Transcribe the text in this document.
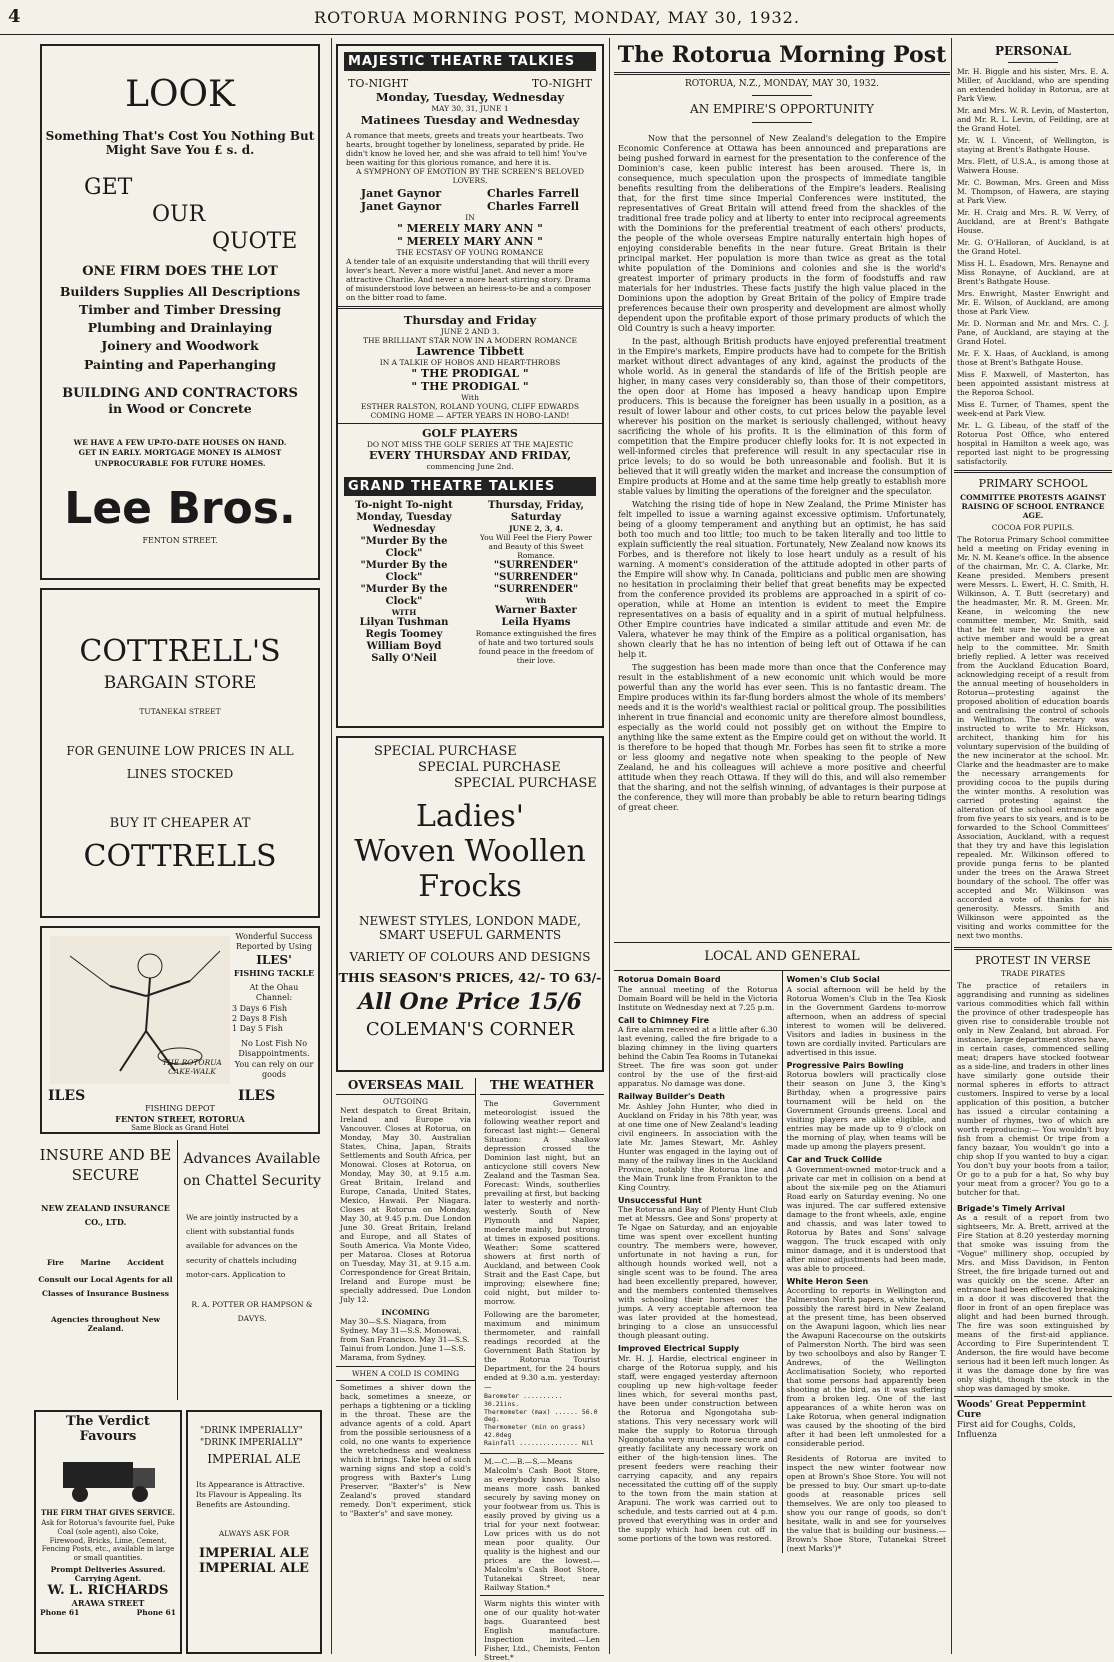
4	ROTORUA MORNING POST, MONDAY, MAY 30, 1932.
LOOK
Something That's Cost You Nothing But
Might Save You £ s. d.
GET
OUR
QUOTE
ONE FIRM DOES THE LOT
Builders Supplies All Descriptions
Timber and Timber Dressing
Plumbing and Drainlaying
Joinery and Woodwork
Painting and Paperhanging
BUILDING AND CONTRACTORS
in Wood or Concrete
WE HAVE A FEW UP-TO-DATE HOUSES ON HAND. GET IN EARLY. MORTGAGE MONEY IS ALMOST UNPROCURABLE FOR FUTURE HOMES.
Lee Bros.
FENTON STREET.
COTTRELL'S
BARGAIN STORE
TUTANEKAI STREET
FOR GENUINE LOW PRICES IN ALL LINES STOCKED
BUY IT CHEAPER AT
COTTRELLS
THE ROTORUA CAKE-WALK
Wonderful Success Reported by Using
ILES'
FISHING TACKLE
At the Ohau Channel:
3 Days 6 Fish
2 Days 8 Fish
1 Day 5 Fish
No Lost Fish No Disappointments. You can rely on our goods
ILES	ILES
FISHING DEPOT
FENTON STREET, ROTORUA
Same Block as Grand Hotel
INSURE AND BE SECURE
NEW ZEALAND INSURANCE CO., LTD.
Fire Marine Accident
Consult our Local Agents for all Classes of Insurance Business
Agencies throughout New Zealand.
Advances Available on Chattel Security
We are jointly instructed by a client with substantial funds available for advances on the security of chattels including motor-cars. Application to
R. A. POTTER OR HAMPSON & DAVYS.
The Verdict Favours
THE FIRM THAT GIVES SERVICE.
Ask for Rotorua's favourite fuel, Puke Coal (sole agent), also Coke, Firewood, Bricks, Lime, Cement, Fencing Posts, etc., available in large or small quantities.
Prompt Deliveries Assured.
Carrying Agent.
W. L. RICHARDS
ARAWA STREET
Phone 61	Phone 61
"DRINK IMPERIALLY"
"DRINK IMPERIALLY"
IMPERIAL ALE
Its Appearance is Attractive. Its Flavour is Appealing. Its Benefits are Astounding.
ALWAYS ASK FOR
IMPERIAL ALE
IMPERIAL ALE
MAJESTIC THEATRE TALKIES
TO-NIGHT	TO-NIGHT
Monday, Tuesday, Wednesday
MAY 30, 31, JUNE 1
Matinees Tuesday and Wednesday
A romance that meets, greets and treats your heartbeats. Two hearts, brought together by loneliness, separated by pride. He didn't know he loved her, and she was afraid to tell him! You've been waiting for this glorious romance, and here it is.
A SYMPHONY OF EMOTION BY THE SCREEN'S BELOVED LOVERS.
Janet Gaynor	Charles Farrell
Janet Gaynor	Charles Farrell
IN
" MERELY MARY ANN "
" MERELY MARY ANN "
THE ECSTASY OF YOUNG ROMANCE
A tender tale of an exquisite understanding that will thrill every lover's heart. Never a more wistful Janet. And never a more attractive Charlie. And never a more heart stirring story. Drama of misunderstood love between an heiress-to-be and a composer on the bitter road to fame.
Thursday and Friday
JUNE 2 AND 3.
THE BRILLIANT STAR NOW IN A MODERN ROMANCE
Lawrence Tibbett
IN A TALKIE OF HOBOS AND HEART-THROBS
" THE PRODIGAL "
" THE PRODIGAL "
With
ESTHER RALSTON, ROLAND YOUNG, CLIFF EDWARDS
COMING HOME — AFTER YEARS IN HOBO-LAND!
GOLF PLAYERS
DO NOT MISS THE GOLF SERIES AT THE MAJESTIC
EVERY THURSDAY AND FRIDAY,
commencing June 2nd.
GRAND THEATRE TALKIES
To-night To-night
Monday, Tuesday Wednesday
"Murder By the Clock"
"Murder By the Clock"
"Murder By the Clock"
WITH
Lilyan Tushman
Regis Toomey
William Boyd
Sally O'Neil
Thursday, Friday, Saturday
JUNE 2, 3, 4.
You Will Feel the Fiery Power and Beauty of this Sweet Romance.
"SURRENDER"
"SURRENDER"
"SURRENDER"
With
Warner Baxter
Leila Hyams
Romance extinguished the fires of hate and two tortured souls found peace in the freedom of their love.
SPECIAL PURCHASE
SPECIAL PURCHASE
SPECIAL PURCHASE
Ladies'
Woven Woollen
Frocks
NEWEST STYLES, LONDON MADE, SMART USEFUL GARMENTS
VARIETY OF COLOURS AND DESIGNS
THIS SEASON'S PRICES, 42/- TO 63/-
All One Price 15/6
COLEMAN'S CORNER
OVERSEAS MAIL
OUTGOING
Next despatch to Great Britain, Ireland and Europe via Vancouver. Closes at Rotorua, on Monday, May 30. Australian States, China, Japan, Straits Settlements and South Africa, per Monowai. Closes at Rotorua, on Monday, May 30, at 9.15 a.m. Great Britain, Ireland and Europe, Canada, United States, Mexico, Hawaii. Per Niagara. Closes at Rotorua on Monday, May 30, at 9.45 p.m. Due London June 30. Great Britain, Ireland and Europe, and all States of South America. Via Monte Video, per Mataroa. Closes at Rotorua on Tuesday, May 31, at 9.15 a.m. Correspondence for Great Britain, Ireland and Europe must be specially addressed. Due London July 12.
INCOMING
May 30—S.S. Niagara, from Sydney. May 31—S.S. Monowai, from San Francisco. May 31—S.S. Tainui from London. June 1—S.S. Marama, from Sydney.
WHEN A COLD IS COMING
Sometimes a shiver down the back, sometimes a sneeze, or perhaps a tightening or a tickling in the throat. These are the advance agents of a cold. Apart from the possible seriousness of a cold, no one wants to experience the wretchedness and weakness which it brings. Take heed of such warning signs and stop a cold's progress with Baxter's Lung Preserver. "Baxter's" is New Zealand's proved standard remedy. Don't experiment, stick to "Baxter's" and save money.
THE WEATHER
The Government meteorologist issued the following weather report and forecast last night:— General Situation: A shallow depression crossed the Dominion last night, but an anticyclone still covers New Zealand and the Tasman Sea. Forecast: Winds, southerlies prevailing at first, but backing later to westerly and north-westerly. South of New Plymouth and Napier, moderate mainly, but strong at times in exposed positions. Weather: Some scattered showers at first north of Auckland, and between Cook Strait and the East Cape, but improving; elsewhere fine; cold night, but milder to-morrow.
Following are the barometer, maximum and minimum thermometer, and rainfall readings recorded at the Government Bath Station by the Rotorua Tourist Department, for the 24 hours ended at 9.30 a.m. yesterday:—
Barometer .......... 30.21ins.
Thermometer (max) ...... 56.0 deg.
Thermometer (min on grass) 42.0deg
Rainfall ............... Nil
M.—C.—B.—S.—Means Malcolm's Cash Boot Store, as everybody knows. It also means more cash banked securely by saving money on your footwear from us. This is easily proved by giving us a trial for your next footwear. Low prices with us do not mean poor quality. Our quality is the highest and our prices are the lowest.—Malcolm's Cash Boot Store, Tutanekai Street, near Railway Station.*
Warm nights this winter with one of our quality hot-water bags. Guaranteed best English manufacture. Inspection invited.—Len Fisher, Ltd., Chemists, Fenton Street.*
The Rotorua Morning Post
ROTORUA, N.Z., MONDAY, MAY 30, 1932.
AN EMPIRE'S OPPORTUNITY

Now that the personnel of New Zealand's delegation to the Empire Economic Conference at Ottawa has been announced and preparations are being pushed forward in earnest for the presentation to the conference of the Dominion's case, keen public interest has been aroused. There is, in consequence, much speculation upon the prospects of immediate tangible benefits resulting from the deliberations of the Empire's leaders. Realising that, for the first time since Imperial Conferences were instituted, the representatives of Great Britain will attend freed from the shackles of the traditional free trade policy and at liberty to enter into reciprocal agreements with the Dominions for the preferential treatment of each others' products, the people of the whole overseas Empire naturally entertain high hopes of enjoying considerable benefits in the near future. Great Britain is their principal market. Her population is more than twice as great as the total white population of the Dominions and colonies and she is the world's greatest importer of primary products in the form of foodstuffs and raw materials for her industries. These facts justify the high value placed in the Dominions upon the adoption by Great Britain of the policy of Empire trade preferences because their own prosperity and development are almost wholly dependent upon the profitable export of those primary products of which the Old Country is such a heavy importer.

In the past, although British products have enjoyed preferential treatment in the Empire's markets, Empire products have had to compete for the British market without direct advantages of any kind, against the products of the whole world. As in general the standards of life of the British people are higher, in many cases very considerably so, than those of their competitors, the open door at Home has imposed a heavy handicap upon Empire producers. This is because the foreigner has been usually in a position, as a result of lower labour and other costs, to cut prices below the payable level wherever his position on the market is seriously challenged, without heavy sacrificing the whole of his profits. It is the elimination of this form of competition that the Empire producer chiefly looks for. It is not expected in well-informed circles that preference will result in any spectacular rise in price levels; to do so would be both unreasonable and foolish. But it is believed that it will greatly widen the market and increase the consumption of Empire products at Home and at the same time help greatly to establish more stable values by limiting the operations of the foreigner and the speculator.

Watching the rising tide of hope in New Zealand, the Prime Minister has felt impelled to issue a warning against excessive optimism. Unfortunately, being of a gloomy temperament and anything but an optimist, he has said both too much and too little; too much to be taken literally and too little to explain sufficiently the real situation. Fortunately, New Zealand now knows its Forbes, and is therefore not likely to lose heart unduly as a result of his warning. A moment's consideration of the attitude adopted in other parts of the Empire will show why. In Canada, politicians and public men are showing no hesitation in proclaiming their belief that great benefits may be expected from the conference provided its problems are approached in a spirit of co-operation, while at Home an intention is evident to meet the Empire representatives on a basis of equality and in a spirit of mutual helpfulness. Other Empire countries have indicated a similar attitude and even Mr. de Valera, whatever he may think of the Empire as a political organisation, has shown clearly that he has no intention of being left out of Ottawa if he can help it.

The suggestion has been made more than once that the Conference may result in the establishment of a new economic unit which would be more powerful than any the world has ever seen. This is no fantastic dream. The Empire produces within its far-flung borders almost the whole of its members' needs and it is the world's wealthiest racial or political group. The possibilities inherent in true financial and economic unity are therefore almost boundless, especially as the world could not possibly get on without the Empire to anything like the same extent as the Empire could get on without the world. It is therefore to be hoped that though Mr. Forbes has seen fit to strike a more or less gloomy and negative note when speaking to the people of New Zealand, he and his colleagues will achieve a more positive and cheerful attitude when they reach Ottawa. If they will do this, and will also remember that the sharing, and not the selfish winning, of advantages is their purpose at the conference, they will more than probably be able to return bearing tidings of great cheer.

LOCAL AND GENERAL
Rotorua Domain Board
The annual meeting of the Rotorua Domain Board will be held in the Victoria Institute on Wednesday next at 7.25 p.m.
Call to Chimney Fire
A fire alarm received at a little after 6.30 last evening, called the fire brigade to a blazing chimney in the living quarters behind the Cabin Tea Rooms in Tutanekai Street. The fire was soon got under control by the use of the first-aid apparatus. No damage was done.
Railway Builder's Death
Mr. Ashley John Hunter, who died in Auckland on Friday in his 78th year, was at one time one of New Zealand's leading civil engineers. In association with the late Mr. James Stewart, Mr. Ashley Hunter was engaged in the laying out of many of the railway lines in the Auckland Province, notably the Rotorua line and the Main Trunk line from Frankton to the King Country.
Unsuccessful Hunt
The Rotorua and Bay of Plenty Hunt Club met at Messrs. Gee and Sons' property at Te Ngae on Saturday, and an enjoyable time was spent over excellent hunting country. The members were, however, unfortunate in not having a run, for although hounds worked well, not a single scent was to be found. The area had been excellently prepared, however, and the members contented themselves with schooling their horses over the jumps. A very acceptable afternoon tea was later provided at the homestead, bringing to a close an unsuccessful though pleasant outing.
Improved Electrical Supply
Mr. H. J. Hardie, electrical engineer in charge of the Rotorua supply, and his staff, were engaged yesterday afternoon coupling up new high-voltage feeder lines which, for several months past, have been under construction between the Rotorua and Ngongotaha sub-stations. This very necessary work will make the supply to Rotorua through Ngongotaha very much more secure and greatly facilitate any necessary work on either of the high-tension lines. The present feeders were reaching their carrying capacity, and any repairs necessitated the cutting off of the supply to the town from the main station at Arapuni. The work was carried out to schedule, and tests carried out at 4 p.m. proved that everything was in order and the supply which had been cut off in some portions of the town was restored.
Women's Club Social
A social afternoon will be held by the Rotorua Women's Club in the Tea Kiosk in the Government Gardens to-morrow afternoon, when an address of special interest to women will be delivered. Visitors and ladies in business in the town are cordially invited. Particulars are advertised in this issue.
Progressive Pairs Bowling
Rotorua bowlers will practically close their season on June 3, the King's Birthday, when a progressive pairs tournament will be held on the Government Grounds greens. Local and visiting players are alike eligible, and entries may be made up to 9 o'clock on the morning of play, when teams will be made up among the players present.
Car and Truck Collide
A Government-owned motor-truck and a private car met in collision on a bend at about the six-mile peg on the Atiamuri Road early on Saturday evening. No one was injured. The car suffered extensive damage to the front wheels, axle, engine and chassis, and was later towed to Rotorua by Bates and Sons' salvage waggon. The truck escaped with only minor damage, and it is understood that after minor adjustments had been made, was able to proceed.
White Heron Seen
According to reports in Wellington and Palmerston North papers, a white heron, possibly the rarest bird in New Zealand at the present time, has been observed on the Awapuni lagoon, which lies near the Awapuni Racecourse on the outskirts of Palmerston North. The bird was seen by two schoolboys and also by Ranger T. Andrews, of the Wellington Acclimatisation Society, who reported that some persons had apparently been shooting at the bird, as it was suffering from a broken leg. One of the last appearances of a white heron was on Lake Rotorua, when general indignation was caused by the shooting of the bird after it had been left unmolested for a considerable period.
Residents of Rotorua are invited to inspect the new winter footwear now open at Brown's Shoe Store. You will not be pressed to buy. Our smart up-to-date goods at reasonable prices sell themselves. We are only too pleased to show you our range of goods, so don't hesitate, walk in and see for yourselves the value that is building our business.—Brown's Shoe Store, Tutanekai Street (next Marks')*
PERSONAL

Mr. H. Biggle and his sister, Mrs. E. A. Miller, of Auckland, who are spending an extended holiday in Rotorua, are at Park View.

Mr. and Mrs. W. R. Levin, of Masterton, and Mr. R. L. Levin, of Feilding, are at the Grand Hotel.

Mr. W. I. Vincent, of Wellington, is staying at Brent's Bathgate House.

Mrs. Flett, of U.S.A., is among those at Waiwera House.

Mr. C. Bowman, Mrs. Green and Miss M. Thompson, of Hawera, are staying at Park View.

Mr. H. Craig and Mrs. R. W. Verry, of Auckland, are at Brent's Bathgate House.

Mr. G. O'Halloran, of Auckland, is at the Grand Hotel.

Miss H. L. Esadown, Mrs. Renayne and Miss Ronayne, of Auckland, are at Brent's Bathgate House.

Mrs. Enwright, Master Enwright and Mr. E. Wilson, of Auckland, are among those at Park View.

Mr. D. Norman and Mr. and Mrs. C. J. Pane, of Auckland, are staying at the Grand Hotel.

Mr. F. X. Haas, of Auckland, is among those at Brent's Bathgate House.

Miss F. Maxwell, of Masterton, has been appointed assistant mistress at the Reporoa School.

Miss E. Turner, of Thames, spent the week-end at Park View.

Mr. L. G. Libeau, of the staff of the Rotorua Post Office, who entered hospital in Hamilton a week ago, was reported last night to be progressing satisfactorily.

PRIMARY SCHOOL
COMMITTEE PROTESTS AGAINST RAISING OF SCHOOL ENTRANCE AGE.
COCOA FOR PUPILS.
The Rotorua Primary School committee held a meeting on Friday evening in Mr. N. M. Keane's office. In the absence of the chairman, Mr. C. A. Clarke, Mr. Keane presided. Members present were Messrs. L. Ewert, H. C. Smith, H. Wilkinson, A. T. Butt (secretary) and the headmaster, Mr. R. M. Green. Mr. Keane, in welcoming the new committee member, Mr. Smith, said that he felt sure he would prove an active member and would be a great help to the committee. Mr. Smith briefly replied. A letter was received from the Auckland Education Board, acknowledging receipt of a result from the annual meeting of householders in Rotorua—protesting against the proposed abolition of education boards and centralising the control of schools in Wellington. The secretary was instructed to write to Mr. Hickson, architect, thanking him for his voluntary supervision of the building of the new incinerator at the school. Mr. Clarke and the headmaster are to make the necessary arrangements for providing cocoa to the pupils during the winter months. A resolution was carried protesting against the alteration of the school entrance age from five years to six years, and is to be forwarded to the School Committees' Association, Auckland, with a request that they try and have this legislation repealed. Mr. Wilkinson offered to provide punga ferns to be planted under the trees on the Arawa Street boundary of the school. The offer was accepted and Mr. Wilkinson was accorded a vote of thanks for his generosity. Messrs. Smith and Wilkinson were appointed as the visiting and works committee for the next two months.
PROTEST IN VERSE
TRADE PIRATES
The practice of retailers in aggrandising and running as sidelines various commodities which fall within the province of other tradespeople has given rise to considerable trouble not only in New Zealand, but abroad. For instance, large department stores have, in certain cases, commenced selling meat; drapers have stocked footwear as a side-line, and traders in other lines have similarly gone outside their normal spheres in efforts to attract customers. Inspired to verse by a local application of this position, a butcher has issued a circular containing a number of rhymes, two of which are worth reproducing:— You wouldn't buy fish from a chemist Or tripe from a fancy bazaar, You wouldn't go into a chip shop If you wanted to buy a cigar. You don't buy your boots from a tailor, Or go to a pub for a hat, So why buy your meat from a grocer? You go to a butcher for that.
Brigade's Timely Arrival
As a result of a report from two sightseers, Mr. A. Brett, arrived at the Fire Station at 8.20 yesterday morning that smoke was issuing from the "Vogue" millinery shop, occupied by Mrs. and Miss Davidson, in Fenton Street, the fire brigade turned out and was quickly on the scene. After an entrance had been effected by breaking in a door it was discovered that the floor in front of an open fireplace was alight and had been burned through. The fire was soon extinguished by means of the first-aid appliance. According to Fire Superintendent T. Anderson, the fire would have become serious had it been left much longer. As it was the damage done by fire was only slight, though the stock in the shop was damaged by smoke.
Woods' Great Peppermint Cure
First aid for Coughs, Colds, Influenza
